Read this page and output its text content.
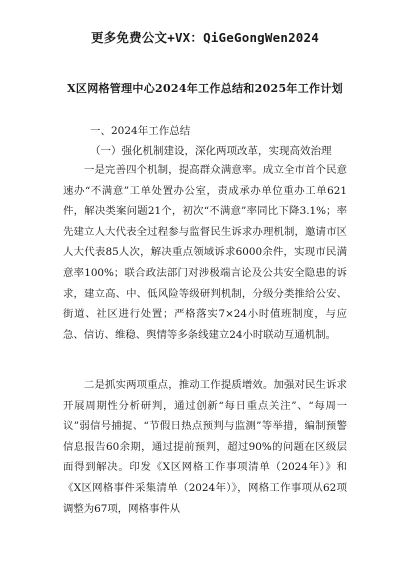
更多免费公文+VX：QiGeGongWen2024
X区网格管理中心2024年工作总结和2025年工作计划
一、2024年工作总结
（一）强化机制建设，深化两项改革，实现高效治理
一是完善四个机制，提高群众满意率。成立全市首个民意速办“不满意”工单处置办公室，责成承办单位重办工单621件，解决类案问题21个，初次“不满意”率同比下降3.1%；率先建立人大代表全过程参与监督民生诉求办理机制，邀请市区人大代表85人次，解决重点领域诉求6000余件，实现市民满意率100%；联合政法部门对涉极端言论及公共安全隐患的诉求，建立高、中、低风险等级研判机制，分级分类推给公安、街道、社区进行处置；严格落实7×24小时值班制度，与应急、信访、维稳、舆情等多条线建立24小时联动互通机制。
二是抓实两项重点，推动工作提质增效。加强对民生诉求开展周期性分析研判，通过创新“每日重点关注”、“每周一议”弱信号捕捉、“节假日热点预判与监测”等举措，编制预警信息报告60余期，通过提前预判，超过90%的问题在区级层面得到解决。印发《X区网格工作事项清单（2024年）》和《X区网格事件采集清单（2024年）》，网格工作事项从62项调整为67项，网格事件从
